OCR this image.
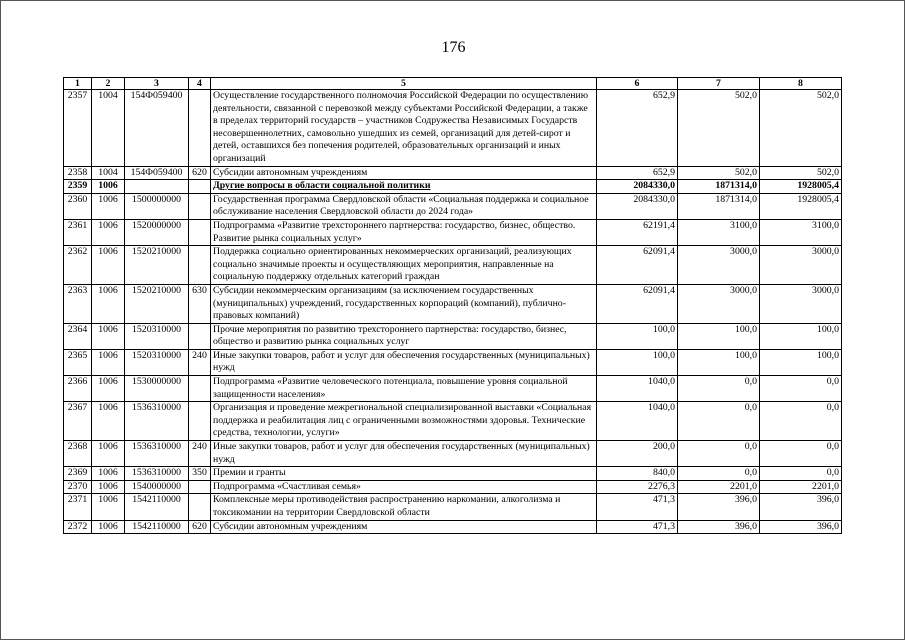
176
1	2	3	4	5	6	7	8
2357	1004	154Ф059400		Осуществление государственного полномочия Российской Федерации по осуществлению деятельности, связанной с перевозкой между субъектами Российской Федерации, а также в пределах территорий государств – участников Содружества Независимых Государств несовершеннолетних, самовольно ушедших из семей, организаций для детей-сирот и детей, оставшихся без попечения родителей, образовательных организаций и иных организаций	652,9	502,0	502,0
2358	1004	154Ф059400	620	Субсидии автономным учреждениям	652,9	502,0	502,0
2359	1006			Другие вопросы в области социальной политики	2084330,0	1871314,0	1928005,4
2360	1006	1500000000		Государственная программа Свердловской области «Социальная поддержка и социальное обслуживание населения Свердловской области до 2024 года»	2084330,0	1871314,0	1928005,4
2361	1006	1520000000		Подпрограмма «Развитие трехстороннего партнерства: государство, бизнес, общество. Развитие рынка социальных услуг»	62191,4	3100,0	3100,0
2362	1006	1520210000		Поддержка социально ориентированных некоммерческих организаций, реализующих социально значимые проекты и осуществляющих мероприятия, направленные на социальную поддержку отдельных категорий граждан	62091,4	3000,0	3000,0
2363	1006	1520210000	630	Субсидии некоммерческим организациям (за исключением государственных (муниципальных) учреждений, государственных корпораций (компаний), публично-правовых компаний)	62091,4	3000,0	3000,0
2364	1006	1520310000		Прочие мероприятия по развитию трехстороннего партнерства: государство, бизнес, общество и развитию рынка социальных услуг	100,0	100,0	100,0
2365	1006	1520310000	240	Иные закупки товаров, работ и услуг для обеспечения государственных (муниципальных) нужд	100,0	100,0	100,0
2366	1006	1530000000		Подпрограмма «Развитие человеческого потенциала, повышение уровня социальной защищенности населения»	1040,0	0,0	0,0
2367	1006	1536310000		Организация и проведение межрегиональной специализированной выставки «Социальная поддержка и реабилитация лиц с ограниченными возможностями здоровья. Технические средства, технологии, услуги»	1040,0	0,0	0,0
2368	1006	1536310000	240	Иные закупки товаров, работ и услуг для обеспечения государственных (муниципальных) нужд	200,0	0,0	0,0
2369	1006	1536310000	350	Премии и гранты	840,0	0,0	0,0
2370	1006	1540000000		Подпрограмма «Счастливая семья»	2276,3	2201,0	2201,0
2371	1006	1542110000		Комплексные меры противодействия распространению наркомании, алкоголизма и токсикомании на территории Свердловской области	471,3	396,0	396,0
2372	1006	1542110000	620	Субсидии автономным учреждениям	471,3	396,0	396,0
